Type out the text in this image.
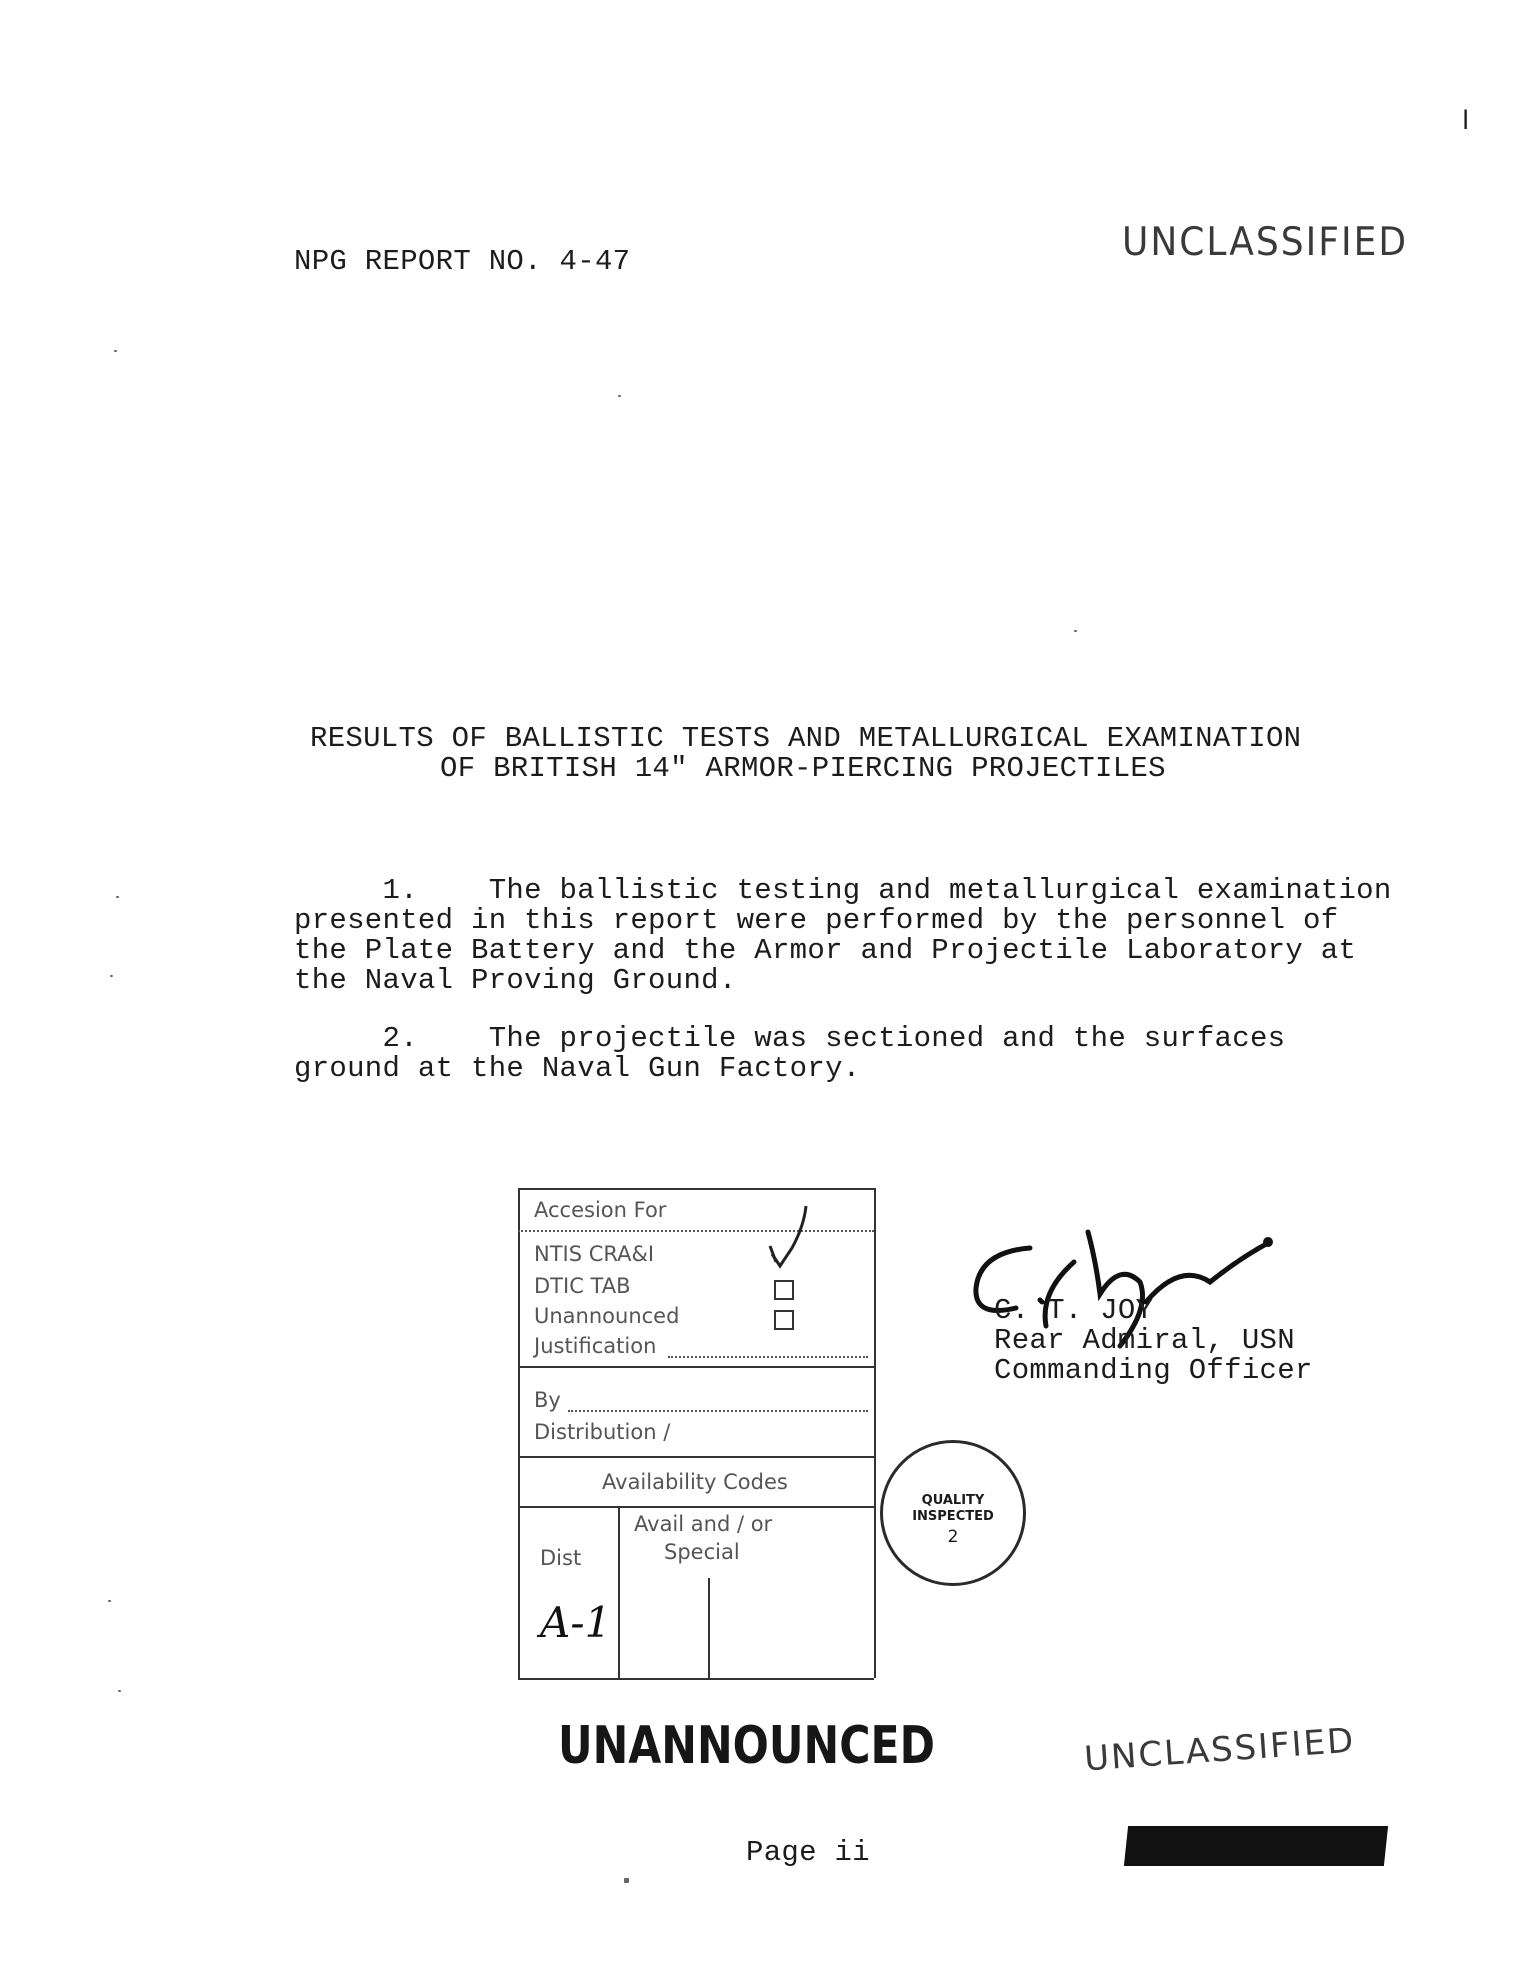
NPG REPORT NO. 4-47	UNCLASSIFIED
l
RESULTS OF BALLISTIC TESTS AND METALLURGICAL EXAMINATION
OF BRITISH 14" ARMOR-PIERCING PROJECTILES
1.    The ballistic testing and metallurgical examination
presented in this report were performed by the personnel of
the Plate Battery and the Armor and Projectile Laboratory at
the Naval Proving Ground.
2.    The projectile was sectioned and the surfaces
ground at the Naval Gun Factory.
Accesion For
NTIS CRA&I
DTIC TAB
Unannounced
Justification
By
Distribution /
Availability Codes
Dist
Avail and / or
Special
A-1
QUALITY
INSPECTED
2
C. T. JOY
Rear Admiral, USN
Commanding Officer
UNANNOUNCED	UNCLASSIFIED
Page ii
